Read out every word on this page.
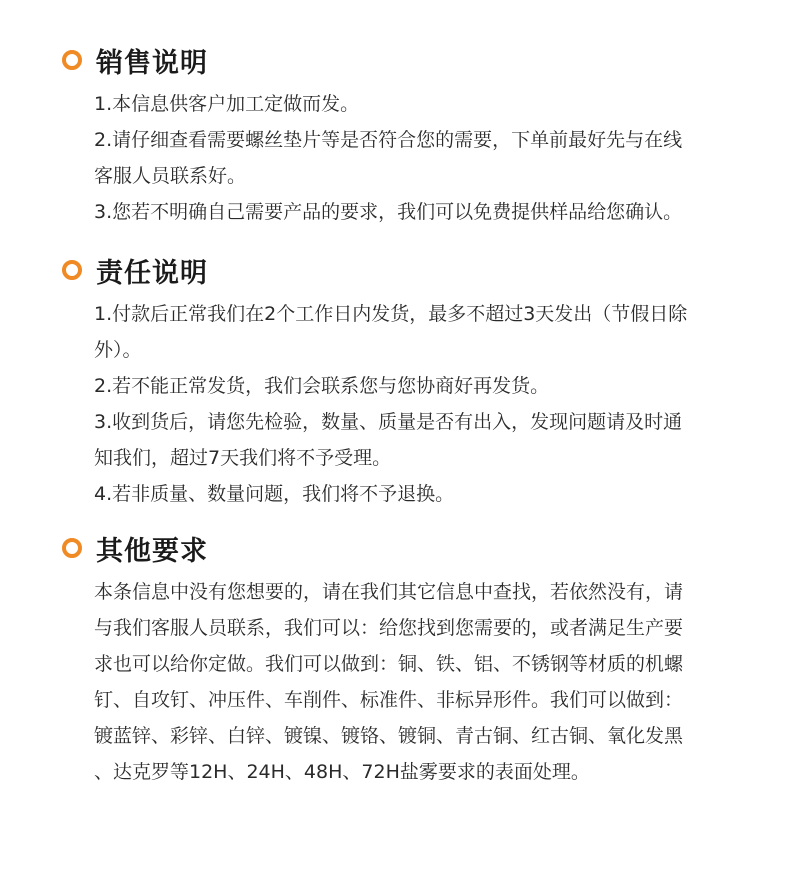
销售说明

1.本信息供客户加工定做而发。

2.请仔细查看需要螺丝垫片等是否符合您的需要，下单前最好先与在线
客服人员联系好。

3.您若不明确自己需要产品的要求，我们可以免费提供样品给您确认。

责任说明

1.付款后正常我们在2个工作日内发货，最多不超过3天发出（节假日除
外）。

2.若不能正常发货，我们会联系您与您协商好再发货。

3.收到货后，请您先检验，数量、质量是否有出入，发现问题请及时通
知我们，超过7天我们将不予受理。

4.若非质量、数量问题，我们将不予退换。

其他要求

本条信息中没有您想要的，请在我们其它信息中查找，若依然没有，请
与我们客服人员联系，我们可以：给您找到您需要的，或者满足生产要
求也可以给你定做。我们可以做到：铜、铁、铝、不锈钢等材质的机螺
钉、自攻钉、冲压件、车削件、标准件、非标异形件。我们可以做到：
镀蓝锌、彩锌、白锌、镀镍、镀铬、镀铜、青古铜、红古铜、氧化发黑
、达克罗等12H、24H、48H、72H盐雾要求的表面处理。
